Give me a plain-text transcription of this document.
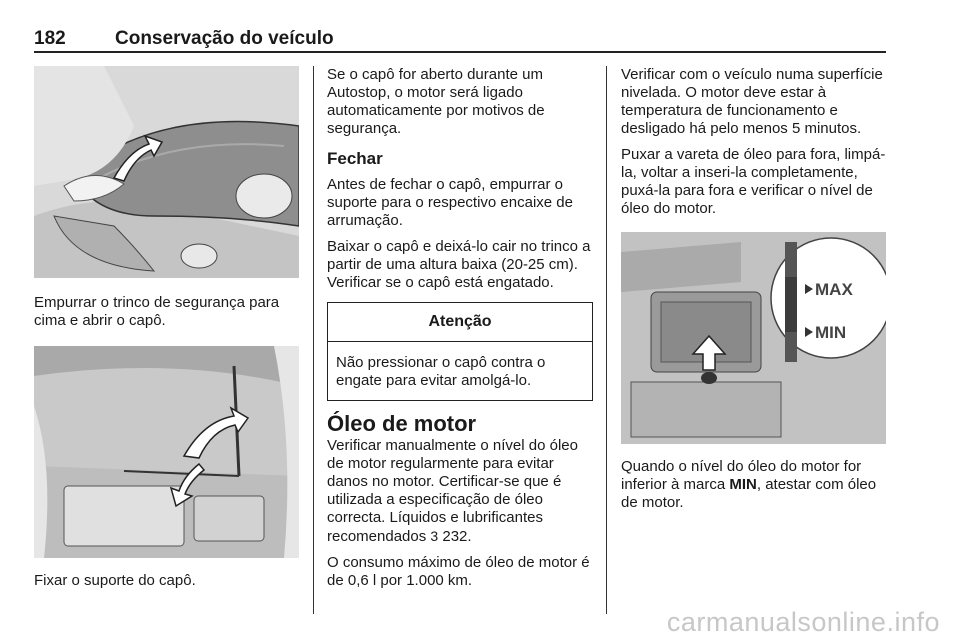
182	Conservação do veículo

Empurrar o trinco de segurança para cima e abrir o capô.

Fixar o suporte do capô.

Se o capô for aberto durante um Autostop, o motor será ligado automaticamente por motivos de segurança.

Fechar

Antes de fechar o capô, empurrar o suporte para o respectivo encaixe de arrumação.

Baixar o capô e deixá-lo cair no trinco a partir de uma altura baixa (20-25 cm). Verificar se o capô está engatado.

Atenção
Não pressionar o capô contra o engate para evitar amolgá-lo.
Óleo de motor

Verificar manualmente o nível do óleo de motor regularmente para evitar danos no motor. Certificar-se que é utilizada a especificação de óleo correcta. Líquidos e lubrificantes recomendados 3 232.

O consumo máximo de óleo de motor é de 0,6 l por 1.000 km.

Verificar com o veículo numa superfície nivelada. O motor deve estar à temperatura de funcionamento e desligado há pelo menos 5 minutos.

Puxar a vareta de óleo para fora, limpá-la, voltar a inseri-la completamente, puxá-la para fora e verificar o nível de óleo do motor.

MAX
MIN

Quando o nível do óleo do motor for inferior à marca MIN, atestar com óleo de motor.

carmanualsonline.info
